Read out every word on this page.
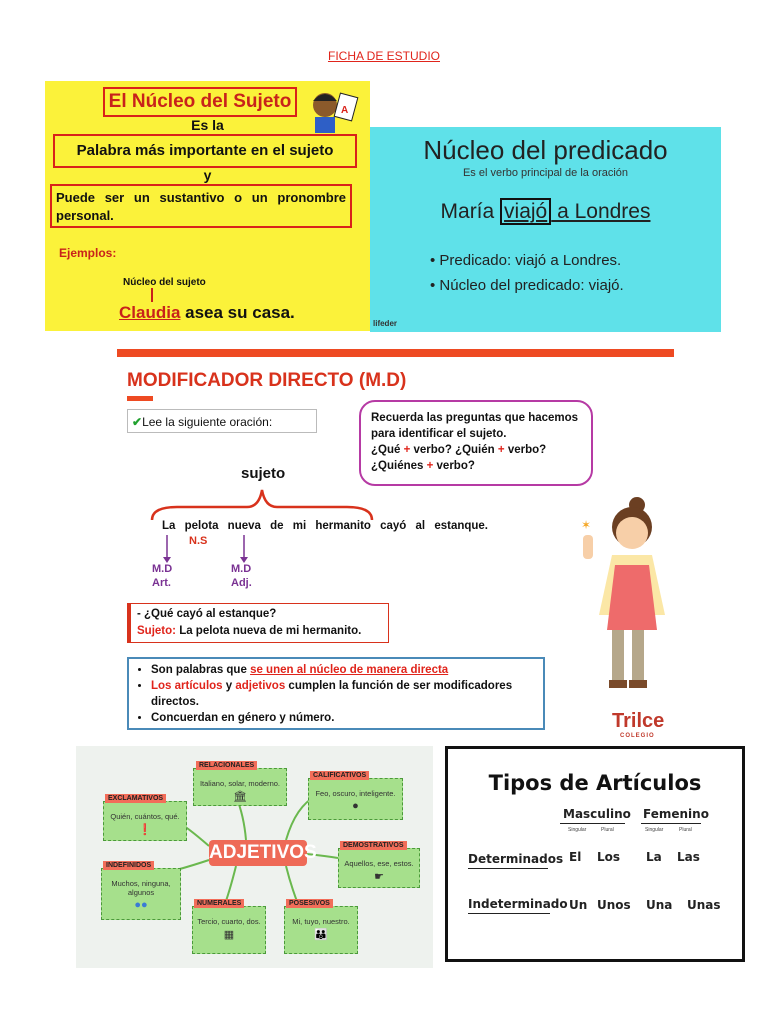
FICHA DE ESTUDIO
El Núcleo del Sujeto	A
Es la
Palabra más importante en el sujeto
y
Puede ser un sustantivo o un pronombre personal.
Ejemplos:
Núcleo del sujeto
Claudia asea su casa.
Núcleo del predicado
Es el verbo principal de la oración
María viajó a Londres
• Predicado: viajó a Londres.
• Núcleo del predicado: viajó.
lifeder
MODIFICADOR DIRECTO (M.D)
✔Lee la siguiente oración:	Recuerda las preguntas que hacemos
para identificar el sujeto.
¿Qué + verbo? ¿Quién + verbo?
¿Quiénes + verbo?
sujeto
La pelota nueva de mi hermanito cayó al estanque.
N.S
M.D
Art.
M.D
Adj.
- ¿Qué cayó al estanque?
Sujeto: La pelota nueva de mi hermanito.
• Son palabras que se unen al núcleo de manera directa
• Los artículos y adjetivos cumplen la función de ser modificadores directos.
• Concuerdan en género y número.
✶
Trilce
COLEGIO
Italiano, solar, moderno.
🏛
RELACIONALES
Feo, oscuro, inteligente.
●
CALIFICATIVOS
Quién, cuántos, qué.
❗
EXCLAMATIVOS
Aquellos, ese, estos.
☛
DEMOSTRATIVOS
Muchos, ninguna, algunos
●●
INDEFINIDOS
Tercio, cuarto, dos.
▦
NUMERALES
Mi, tuyo, nuestro.
👪
POSESIVOS
ADJETIVOS
Tipos de Artículos
Masculino Femenino
Singular	Plural	Singular	Plural
Determinados El Los La Las
Indeterminado Un Unos Una Unas
